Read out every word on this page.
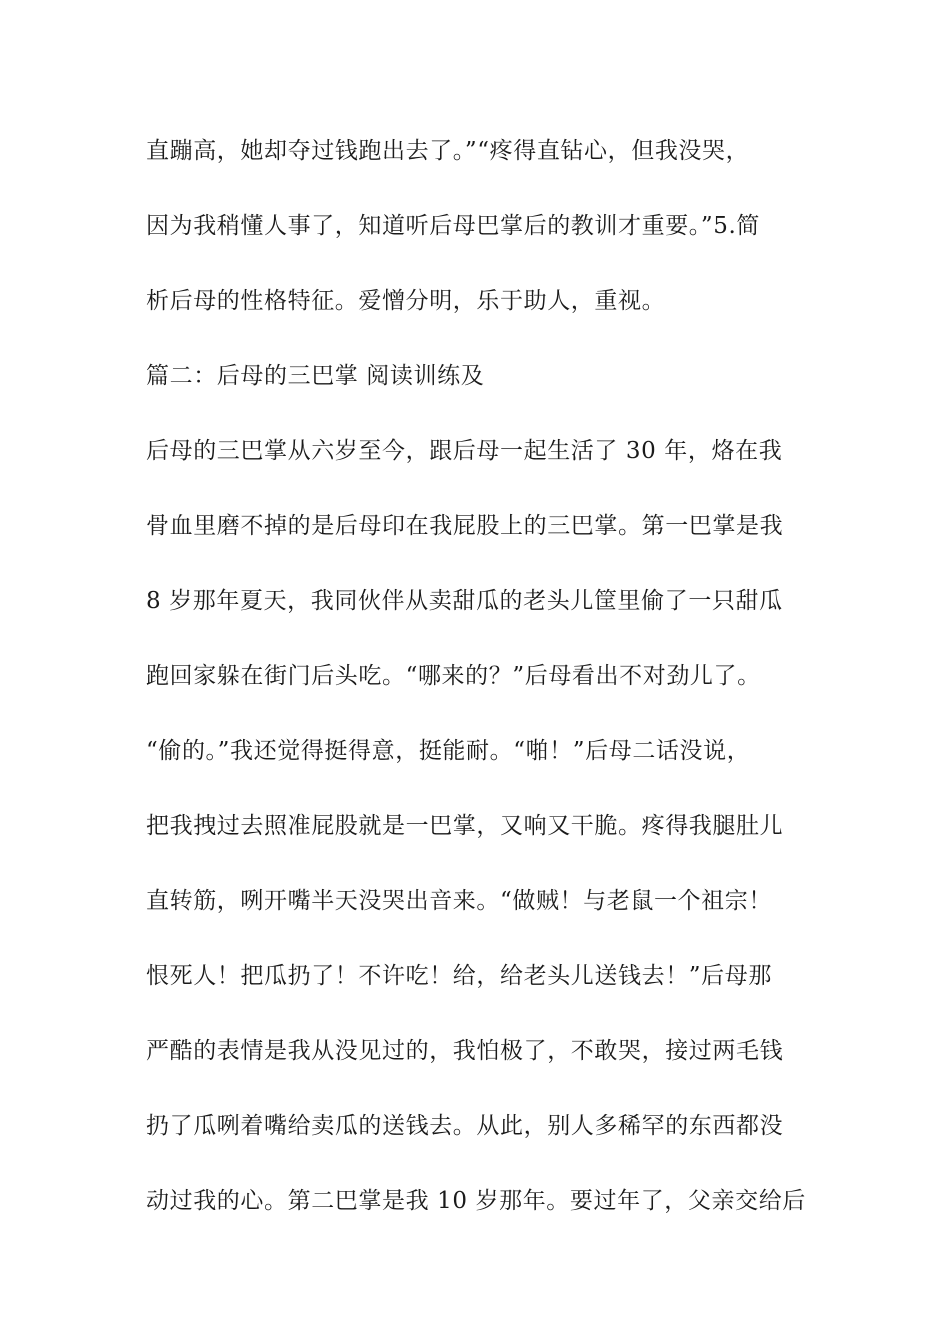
直蹦高，她却夺过钱跑出去了。”“疼得直钻心，但我没哭，
因为我稍懂人事了，知道听后母巴掌后的教训才重要。”5.简
析后母的性格特征。爱憎分明，乐于助人，重视。
篇二：后母的三巴掌 阅读训练及
后母的三巴掌从六岁至今，跟后母一起生活了 30 年，烙在我
骨血里磨不掉的是后母印在我屁股上的三巴掌。第一巴掌是我
8 岁那年夏天，我同伙伴从卖甜瓜的老头儿筐里偷了一只甜瓜
跑回家躲在街门后头吃。“哪来的？”后母看出不对劲儿了。
“偷的。”我还觉得挺得意，挺能耐。“啪！”后母二话没说，
把我拽过去照准屁股就是一巴掌，又响又干脆。疼得我腿肚儿
直转筋，咧开嘴半天没哭出音来。“做贼！与老鼠一个祖宗！
恨死人！把瓜扔了！不许吃！给，给老头儿送钱去！”后母那
严酷的表情是我从没见过的，我怕极了，不敢哭，接过两毛钱
扔了瓜咧着嘴给卖瓜的送钱去。从此，别人多稀罕的东西都没
动过我的心。第二巴掌是我 10 岁那年。要过年了，父亲交给后
